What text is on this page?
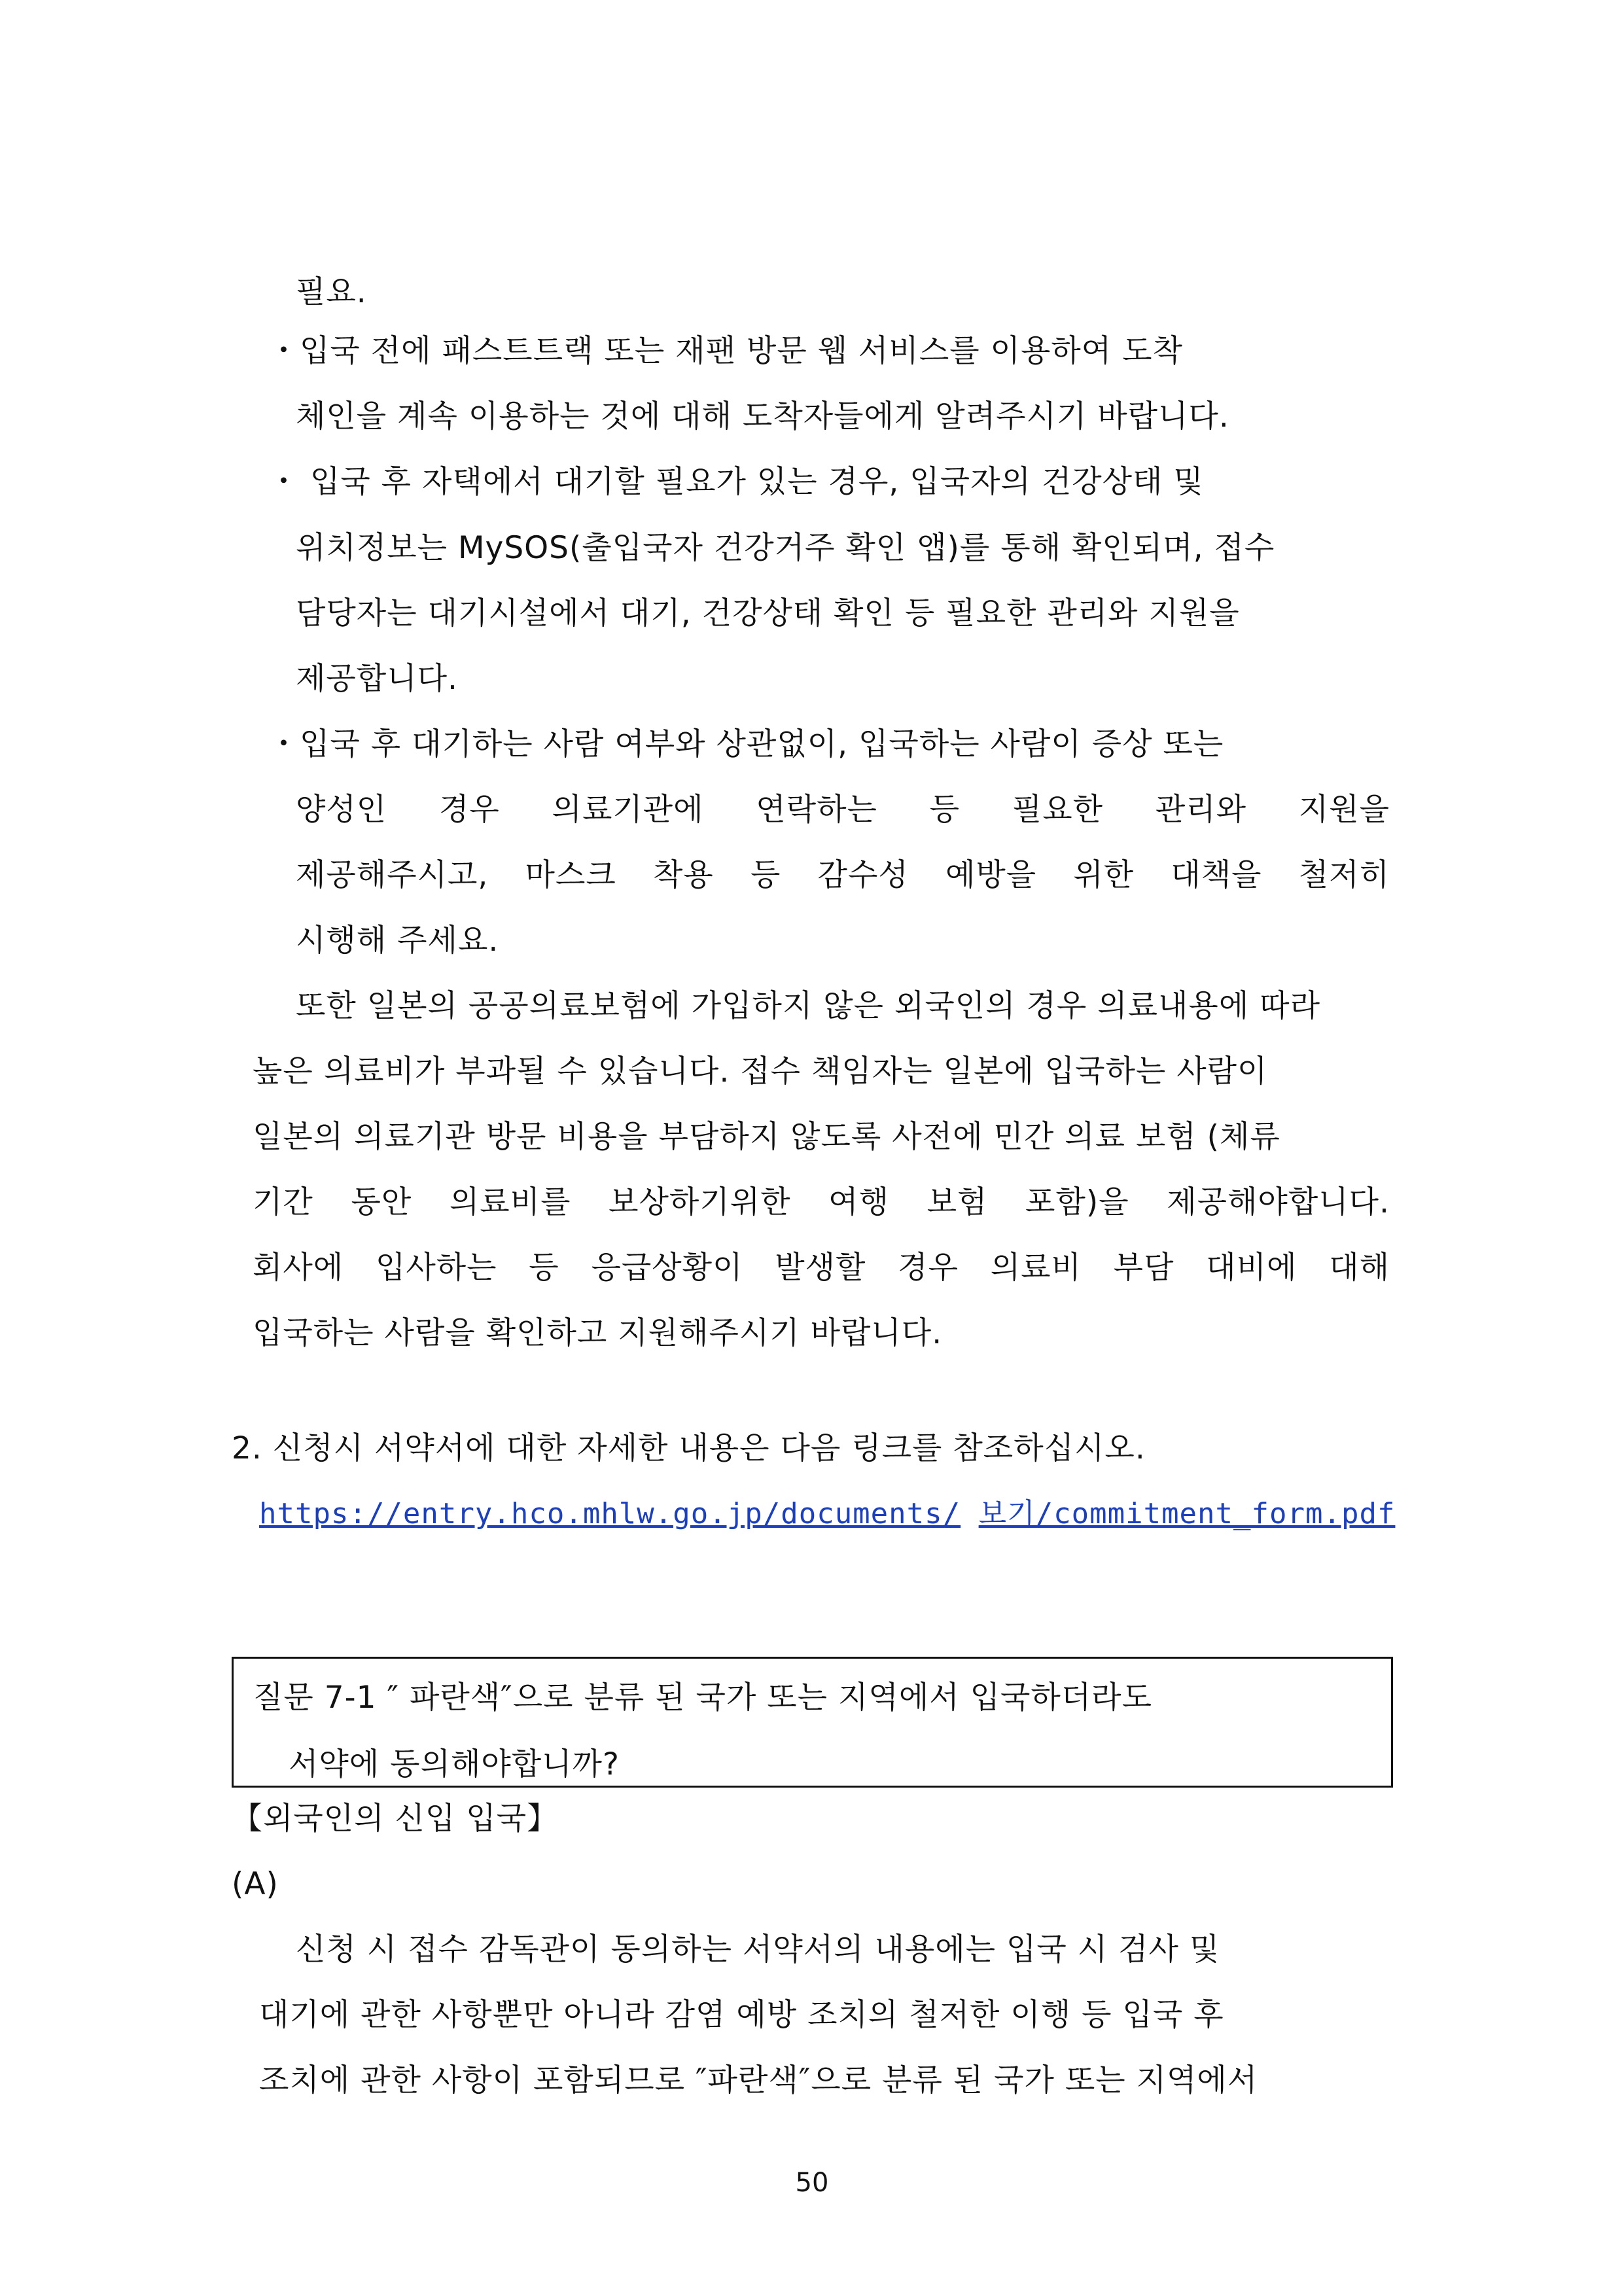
필요.

・입국 전에 패스트트랙 또는 재팬 방문 웹 서비스를 이용하여 도착

체인을 계속 이용하는 것에 대해 도착자들에게 알려주시기 바랍니다.

・ 입국 후 자택에서 대기할 필요가 있는 경우, 입국자의 건강상태 및

위치정보는 MySOS(출입국자 건강거주 확인 앱)를 통해 확인되며, 접수

담당자는 대기시설에서 대기, 건강상태 확인 등 필요한 관리와 지원을

제공합니다.

・입국 후 대기하는 사람 여부와 상관없이, 입국하는 사람이 증상 또는

양성인 경우 의료기관에 연락하는 등 필요한 관리와 지원을

제공해주시고, 마스크 착용 등 감수성 예방을 위한 대책을 철저히

시행해 주세요.

또한 일본의 공공의료보험에 가입하지 않은 외국인의 경우 의료내용에 따라

높은 의료비가 부과될 수 있습니다. 접수 책임자는 일본에 입국하는 사람이

일본의 의료기관 방문 비용을 부담하지 않도록 사전에 민간 의료 보험 (체류

기간 동안 의료비를 보상하기위한 여행 보험 포함)을 제공해야합니다.

회사에 입사하는 등 응급상황이 발생할 경우 의료비 부담 대비에 대해

입국하는 사람을 확인하고 지원해주시기 바랍니다.

2. 신청시 서약서에 대한 자세한 내용은 다음 링크를 참조하십시오.

https://entry.hco.mhlw.go.jp/documents/ 보기/commitment_form.pdf

질문 7-1 ″ 파란색″으로 분류 된 국가 또는 지역에서 입국하더라도

서약에 동의해야합니까?

【외국인의 신입 입국】

(A)

신청 시 접수 감독관이 동의하는 서약서의 내용에는 입국 시 검사 및

대기에 관한 사항뿐만 아니라 감염 예방 조치의 철저한 이행 등 입국 후

조치에 관한 사항이 포함되므로 ″파란색″으로 분류 된 국가 또는 지역에서

50
